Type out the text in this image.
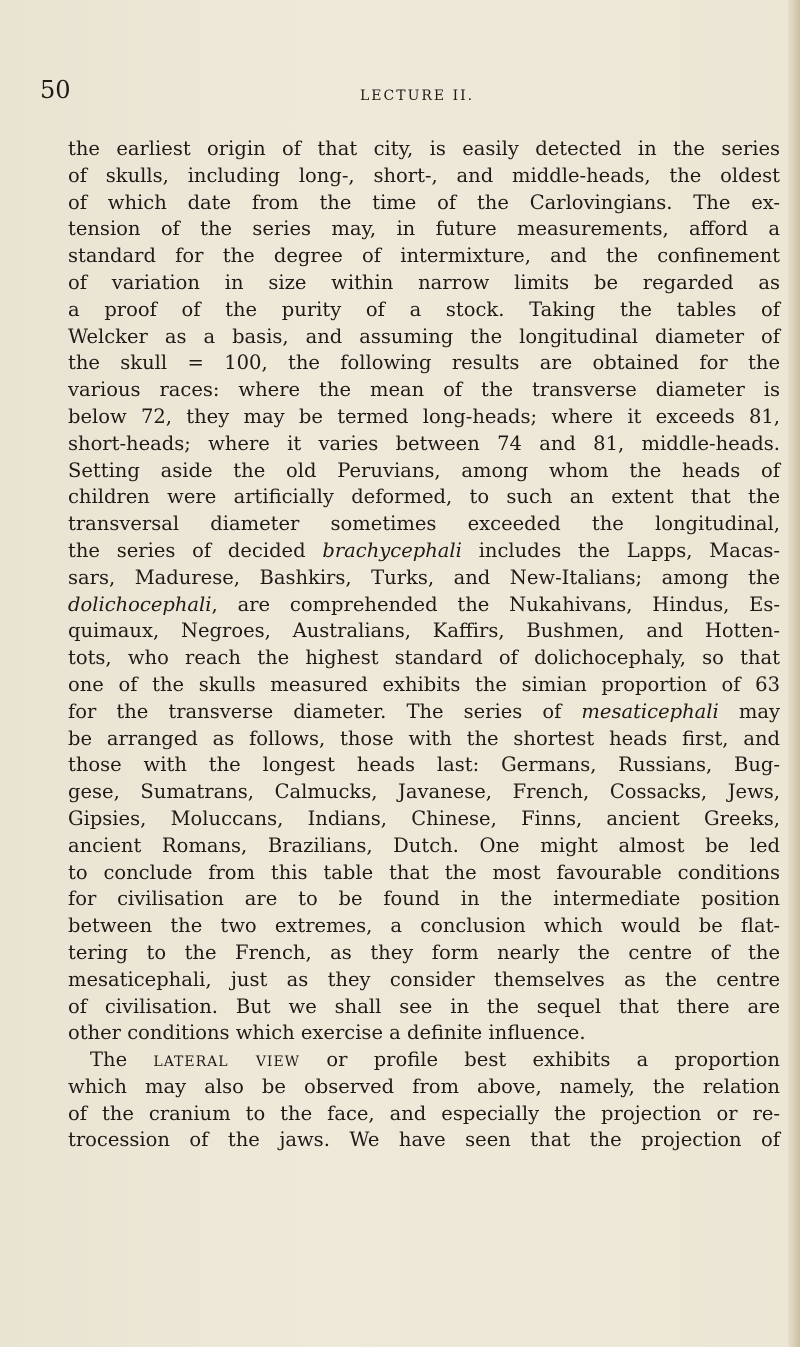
50	LECTURE II.
the earliest origin of that city, is easily detected in the series
of skulls, including long-, short-, and middle-heads, the oldest
of which date from the time of the Carlovingians. The ex-
tension of the series may, in future measurements, afford a
standard for the degree of intermixture, and the confinement
of variation in size within narrow limits be regarded as
a proof of the purity of a stock. Taking the tables of
Welcker as a basis, and assuming the longitudinal diameter of
the skull = 100, the following results are obtained for the
various races: where the mean of the transverse diameter is
below 72, they may be termed long-heads; where it exceeds 81,
short-heads; where it varies between 74 and 81, middle-heads.
Setting aside the old Peruvians, among whom the heads of
children were artificially deformed, to such an extent that the
transversal diameter sometimes exceeded the longitudinal,
the series of decided brachycephali includes the Lapps, Macas-
sars, Madurese, Bashkirs, Turks, and New-Italians; among the
dolichocephali, are comprehended the Nukahivans, Hindus, Es-
quimaux, Negroes, Australians, Kaffirs, Bushmen, and Hotten-
tots, who reach the highest standard of dolichocephaly, so that
one of the skulls measured exhibits the simian proportion of 63
for the transverse diameter. The series of mesaticephali may
be arranged as follows, those with the shortest heads first, and
those with the longest heads last: Germans, Russians, Bug-
gese, Sumatrans, Calmucks, Javanese, French, Cossacks, Jews,
Gipsies, Moluccans, Indians, Chinese, Finns, ancient Greeks,
ancient Romans, Brazilians, Dutch. One might almost be led
to conclude from this table that the most favourable conditions
for civilisation are to be found in the intermediate position
between the two extremes, a conclusion which would be flat-
tering to the French, as they form nearly the centre of the
mesaticephali, just as they consider themselves as the centre
of civilisation. But we shall see in the sequel that there are
other conditions which exercise a definite influence.
The lateral view or profile best exhibits a proportion
which may also be observed from above, namely, the relation
of the cranium to the face, and especially the projection or re-
trocession of the jaws. We have seen that the projection of
